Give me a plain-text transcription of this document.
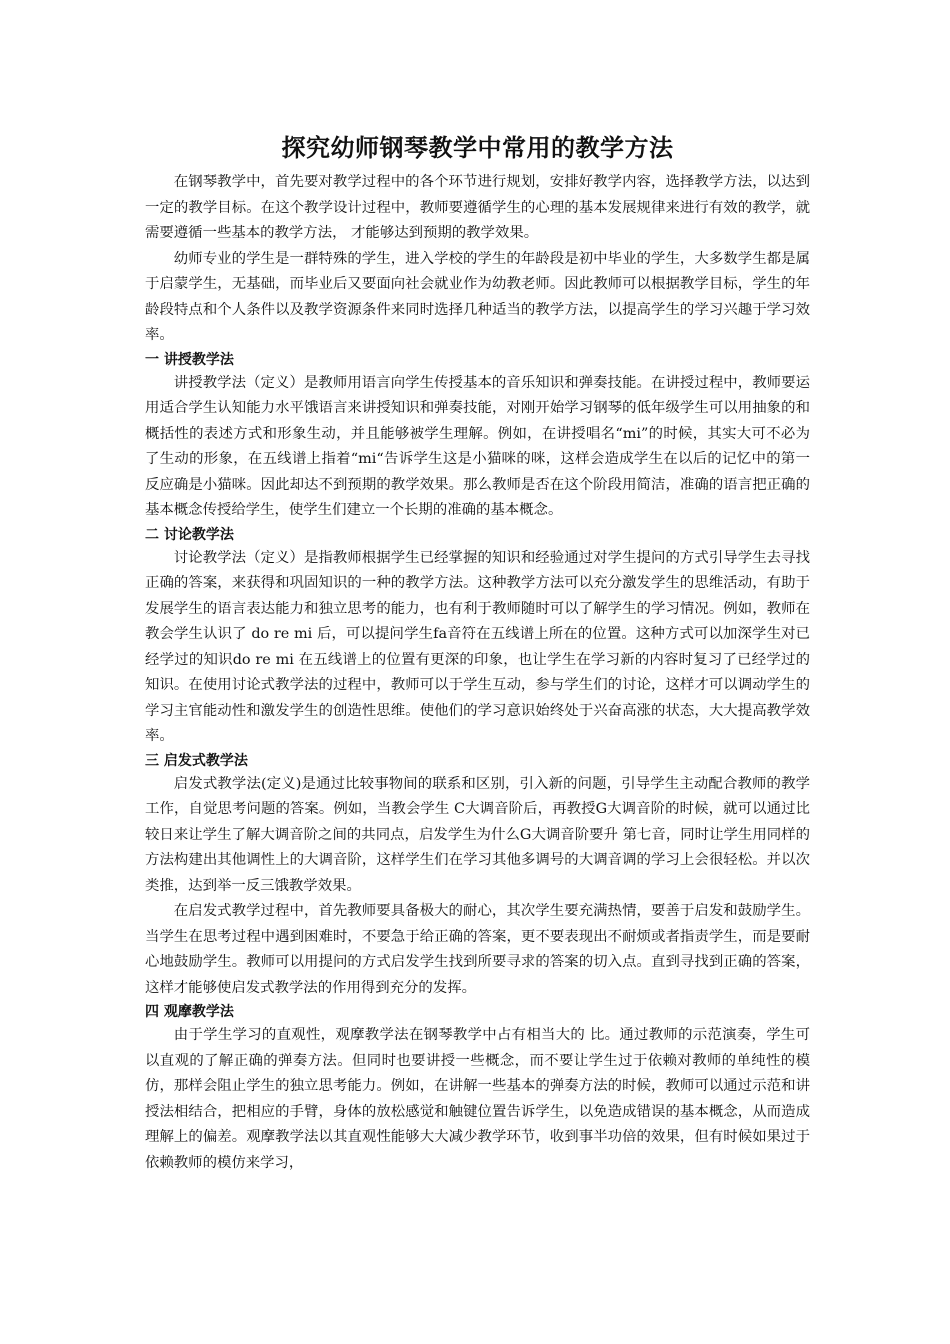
探究幼师钢琴教学中常用的教学方法

在钢琴教学中，首先要对教学过程中的各个环节进行规划，安排好教学内容，选择教学方法，以达到一定的教学目标。在这个教学设计过程中，教师要遵循学生的心理的基本发展规律来进行有效的教学，就需要遵循一些基本的教学方法， 才能够达到预期的教学效果。

幼师专业的学生是一群特殊的学生，进入学校的学生的年龄段是初中毕业的学生，大多数学生都是属于启蒙学生，无基础，而毕业后又要面向社会就业作为幼教老师。因此教师可以根据教学目标，学生的年龄段特点和个人条件以及教学资源条件来同时选择几种适当的教学方法，以提高学生的学习兴趣于学习效率。

一 讲授教学法

讲授教学法（定义）是教师用语言向学生传授基本的音乐知识和弹奏技能。在讲授过程中，教师要运用适合学生认知能力水平饿语言来讲授知识和弹奏技能，对刚开始学习钢琴的低年级学生可以用抽象的和概括性的表述方式和形象生动，并且能够被学生理解。例如，在讲授唱名“mi”的时候，其实大可不必为了生动的形象，在五线谱上指着“mi“告诉学生这是小猫咪的咪，这样会造成学生在以后的记忆中的第一反应确是小猫咪。因此却达不到预期的教学效果。那么教师是否在这个阶段用简洁，准确的语言把正确的基本概念传授给学生，使学生们建立一个长期的准确的基本概念。

二 讨论教学法

讨论教学法（定义）是指教师根据学生已经掌握的知识和经验通过对学生提问的方式引导学生去寻找正确的答案，来获得和巩固知识的一种的教学方法。这种教学方法可以充分激发学生的思维活动，有助于发展学生的语言表达能力和独立思考的能力，也有利于教师随时可以了解学生的学习情况。例如，教师在教会学生认识了 do re mi 后，可以提问学生fa音符在五线谱上所在的位置。这种方式可以加深学生对已经学过的知识do re mi 在五线谱上的位置有更深的印象，也让学生在学习新的内容时复习了已经学过的知识。在使用讨论式教学法的过程中，教师可以于学生互动，参与学生们的讨论，这样才可以调动学生的学习主官能动性和激发学生的创造性思维。使他们的学习意识始终处于兴奋高涨的状态，大大提高教学效率。

三 启发式教学法

启发式教学法(定义)是通过比较事物间的联系和区别，引入新的问题，引导学生主动配合教师的教学工作，自觉思考问题的答案。例如，当教会学生 C大调音阶后，再教授G大调音阶的时候，就可以通过比较日来让学生了解大调音阶之间的共同点，启发学生为什么G大调音阶要升 第七音，同时让学生用同样的方法构建出其他调性上的大调音阶，这样学生们在学习其他多调号的大调音调的学习上会很轻松。并以次类推，达到举一反三饿教学效果。

在启发式教学过程中，首先教师要具备极大的耐心，其次学生要充满热情，要善于启发和鼓励学生。当学生在思考过程中遇到困难时，不要急于给正确的答案，更不要表现出不耐烦或者指责学生，而是要耐心地鼓励学生。教师可以用提问的方式启发学生找到所要寻求的答案的切入点。直到寻找到正确的答案，这样才能够使启发式教学法的作用得到充分的发挥。

四 观摩教学法

由于学生学习的直观性，观摩教学法在钢琴教学中占有相当大的 比。通过教师的示范演奏，学生可以直观的了解正确的弹奏方法。但同时也要讲授一些概念，而不要让学生过于依赖对教师的单纯性的模仿，那样会阻止学生的独立思考能力。例如，在讲解一些基本的弹奏方法的时候，教师可以通过示范和讲授法相结合，把相应的手臂，身体的放松感觉和触键位置告诉学生，以免造成错误的基本概念，从而造成理解上的偏差。观摩教学法以其直观性能够大大减少教学环节，收到事半功倍的效果，但有时候如果过于依赖教师的模仿来学习，
